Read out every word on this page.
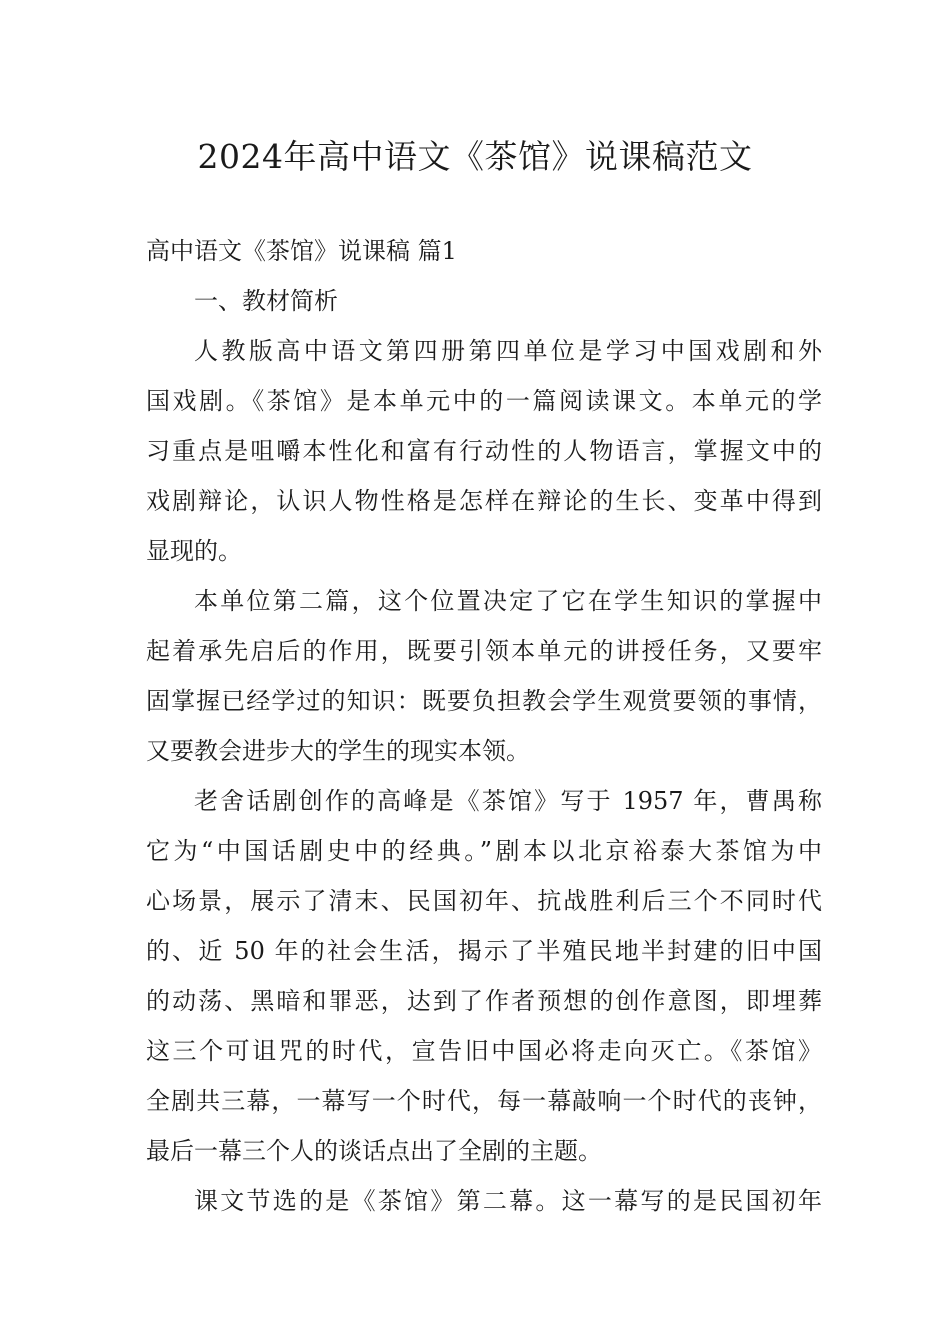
2024年高中语文《茶馆》说课稿范文
高中语文《茶馆》说课稿 篇1
一、教材简析
人教版高中语文第四册第四单位是学习中国戏剧和外
国戏剧。《茶馆》是本单元中的一篇阅读课文。本单元的学
习重点是咀嚼本性化和富有行动性的人物语言，掌握文中的
戏剧辩论，认识人物性格是怎样在辩论的生长、变革中得到
显现的。
本单位第二篇，这个位置决定了它在学生知识的掌握中
起着承先启后的作用，既要引领本单元的讲授任务，又要牢
固掌握已经学过的知识：既要负担教会学生观赏要领的事情，
又要教会进步大的学生的现实本领。
老舍话剧创作的高峰是《茶馆》写于 1957 年，曹禺称
它为“中国话剧史中的经典。”剧本以北京裕泰大茶馆为中
心场景，展示了清末、民国初年、抗战胜利后三个不同时代
的、近 50 年的社会生活，揭示了半殖民地半封建的旧中国
的动荡、黑暗和罪恶，达到了作者预想的创作意图，即埋葬
这三个可诅咒的时代，宣告旧中国必将走向灭亡。《茶馆》
全剧共三幕，一幕写一个时代，每一幕敲响一个时代的丧钟，
最后一幕三个人的谈话点出了全剧的主题。
课文节选的是《茶馆》第二幕。这一幕写的是民国初年
